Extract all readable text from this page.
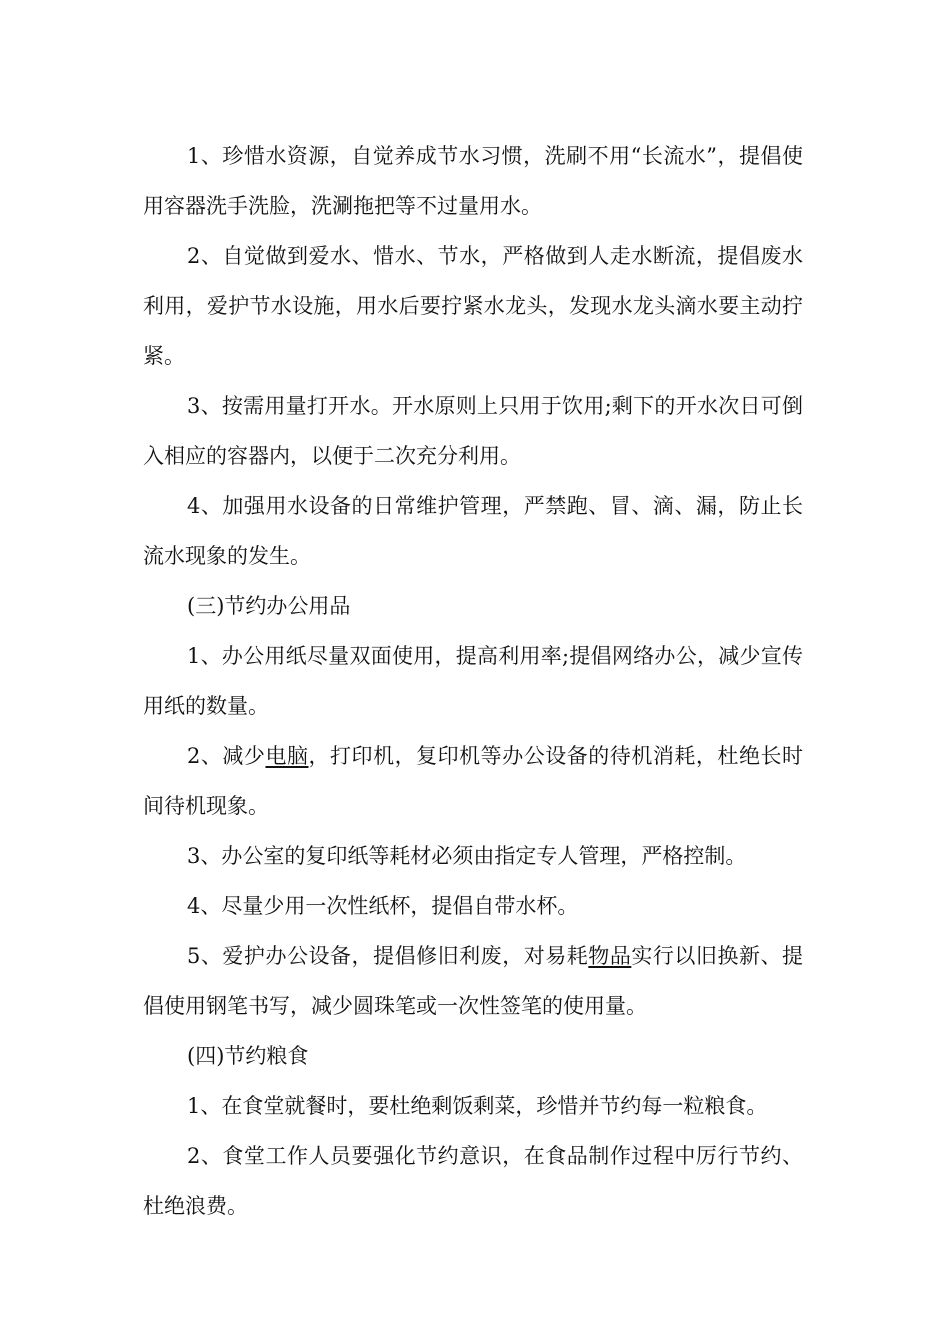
1、珍惜水资源，自觉养成节水习惯，洗刷不用“长流水”，提倡使用容器洗手洗脸，洗涮拖把等不过量用水。

2、自觉做到爱水、惜水、节水，严格做到人走水断流，提倡废水利用，爱护节水设施，用水后要拧紧水龙头，发现水龙头滴水要主动拧紧。

3、按需用量打开水。开水原则上只用于饮用;剩下的开水次日可倒入相应的容器内，以便于二次充分利用。

4、加强用水设备的日常维护管理，严禁跑、冒、滴、漏，防止长流水现象的发生。

(三)节约办公用品

1、办公用纸尽量双面使用，提高利用率;提倡网络办公，减少宣传用纸的数量。

2、减少电脑，打印机，复印机等办公设备的待机消耗，杜绝长时间待机现象。

3、办公室的复印纸等耗材必须由指定专人管理，严格控制。

4、尽量少用一次性纸杯，提倡自带水杯。

5、爱护办公设备，提倡修旧利废，对易耗物品实行以旧换新、提倡使用钢笔书写，减少圆珠笔或一次性签笔的使用量。

(四)节约粮食

1、在食堂就餐时，要杜绝剩饭剩菜，珍惜并节约每一粒粮食。

2、食堂工作人员要强化节约意识，在食品制作过程中厉行节约、杜绝浪费。
